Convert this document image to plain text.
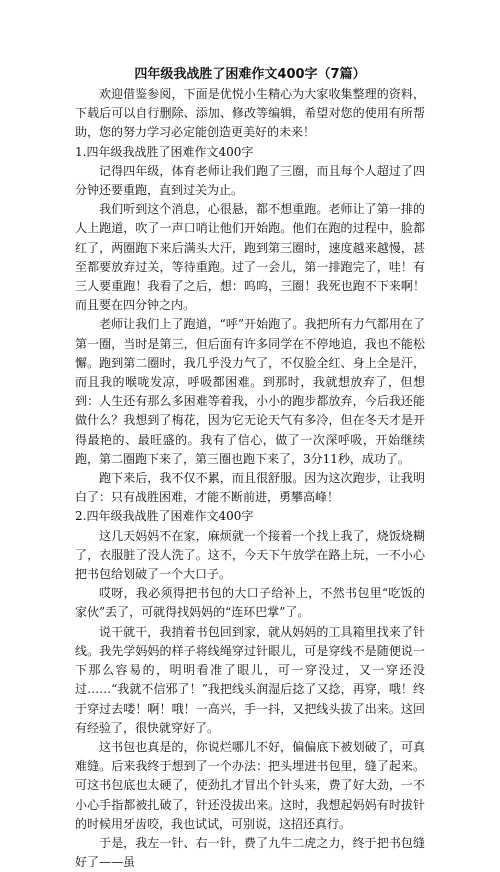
四年级我战胜了困难作文400字（7篇）

欢迎借鉴参阅，下面是优悦小生精心为大家收集整理的资料，下载后可以自行删除、添加、修改等编辑，希望对您的使用有所帮助，您的努力学习必定能创造更美好的未来！

1.四年级我战胜了困难作文400字

记得四年级，体育老师让我们跑了三圈，而且每个人超过了四分钟还要重跑，直到过关为止。

我们听到这个消息，心很悬，都不想重跑。老师让了第一排的人上跑道，吹了一声口哨让他们开始跑。他们在跑的过程中，脸都红了，两圈跑下来后满头大汗，跑到第三圈时，速度越来越慢，甚至都要放弃过关，等待重跑。过了一会儿，第一排跑完了，哇！有三人要重跑！我看了之后，想：呜呜，三圈！我死也跑不下来啊！而且要在四分钟之内。

老师让我们上了跑道，“呼”开始跑了。我把所有力气都用在了第一圈，当时是第三，但后面有许多同学在不停地追，我也不能松懈。跑到第二圈时，我几乎没力气了，不仅脸全红、身上全是汗，而且我的喉咙发凉，呼吸都困难。到那时，我就想放弃了，但想到：人生还有那么多困难等着我，小小的跑步都放弃，今后我还能做什么？我想到了梅花，因为它无论天气有多冷，但在冬天才是开得最艳的、最旺盛的。我有了信心，做了一次深呼吸，开始继续跑，第二圈跑下来了，第三圈也跑下来了，3分11秒，成功了。

跑下来后，我不仅不累，而且很舒服。因为这次跑步，让我明白了：只有战胜困难，才能不断前进，勇攀高峰！

2.四年级我战胜了困难作文400字

这几天妈妈不在家，麻烦就一个接着一个找上我了，烧饭烧糊了，衣服脏了没人洗了。这不，今天下午放学在路上玩，一不小心把书包给划破了一个大口子。

哎呀，我必须得把书包的大口子给补上，不然书包里“吃饭的家伙”丢了，可就得找妈妈的“连环巴掌”了。

说干就干，我捎着书包回到家，就从妈妈的工具箱里找来了针线。我先学妈妈的样子将线绳穿过针眼儿，可是穿线不是随便说一下那么容易的，明明看准了眼儿，可一穿没过，又一穿还没过……“我就不信邪了！”我把线头润湿后捻了又捻，再穿，哦！终于穿过去喽！啊！哦！一高兴，手一抖，又把线头拔了出来。这回有经验了，很快就穿好了。

这书包也真是的，你说烂哪儿不好，偏偏底下被划破了，可真难缝。后来我终于想到了一个办法：把头埋进书包里，缝了起来。可这书包底也太硬了，使劲扎才冒出个针头来，费了好大劲，一不小心手指都被扎破了，针还没拔出来。这时，我想起妈妈有时拔针的时候用牙齿咬，我也试试，可别说，这招还真行。

于是，我左一针、右一针，费了九牛二虎之力，终于把书包缝好了——虽
